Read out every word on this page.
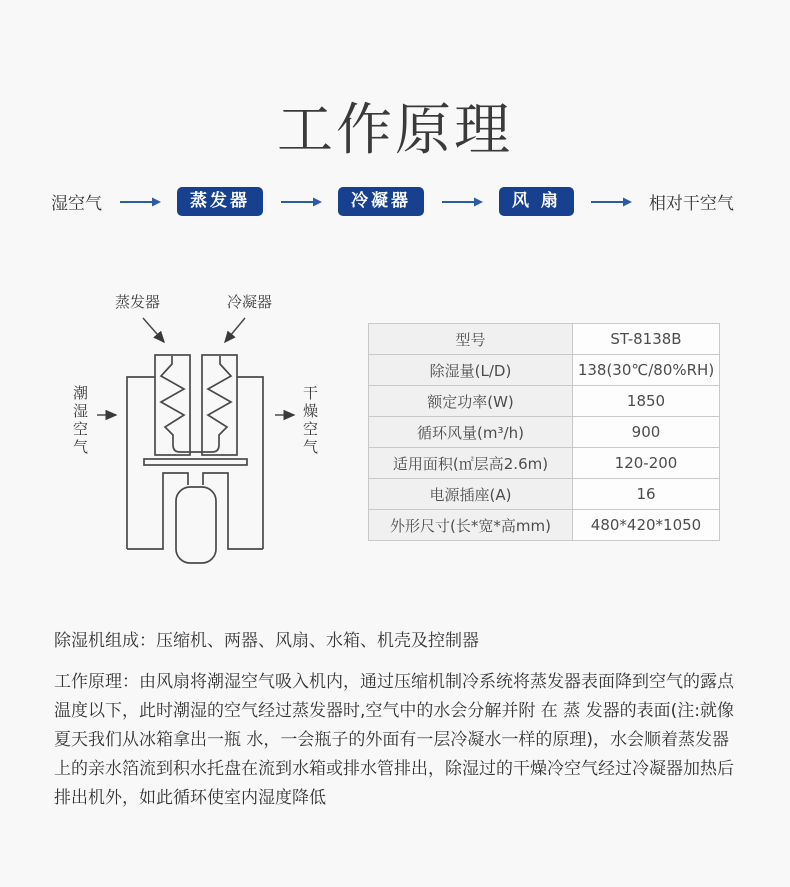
工作原理
湿空气	蒸发器	冷凝器	风 扇	相对干空气
蒸发器	冷凝器
潮湿空气	干燥空气
型号	ST-8138B
除湿量(L/D)	138(30℃/80%RH)
额定功率(W)	1850
循环风量(m³/h)	900
适用面积(㎡层高2.6m)	120-200
电源插座(A)	16
外形尺寸(长*宽*高mm)	480*420*1050

除湿机组成：压缩机、两器、风扇、水箱、机壳及控制器

工作原理：由风扇将潮湿空气吸入机内，通过压缩机制冷系统将蒸发器表面降到空气的露点温度以下，此时潮湿的空气经过蒸发器时,空气中的水会分解并附 在 蒸 发器的表面(注:就像夏天我们从冰箱拿出一瓶 水，一会瓶子的外面有一层冷凝水一样的原理)，水会顺着蒸发器上的亲水箔流到积水托盘在流到水箱或排水管排出，除湿过的干燥冷空气经过冷凝器加热后排出机外，如此循环使室内湿度降低
